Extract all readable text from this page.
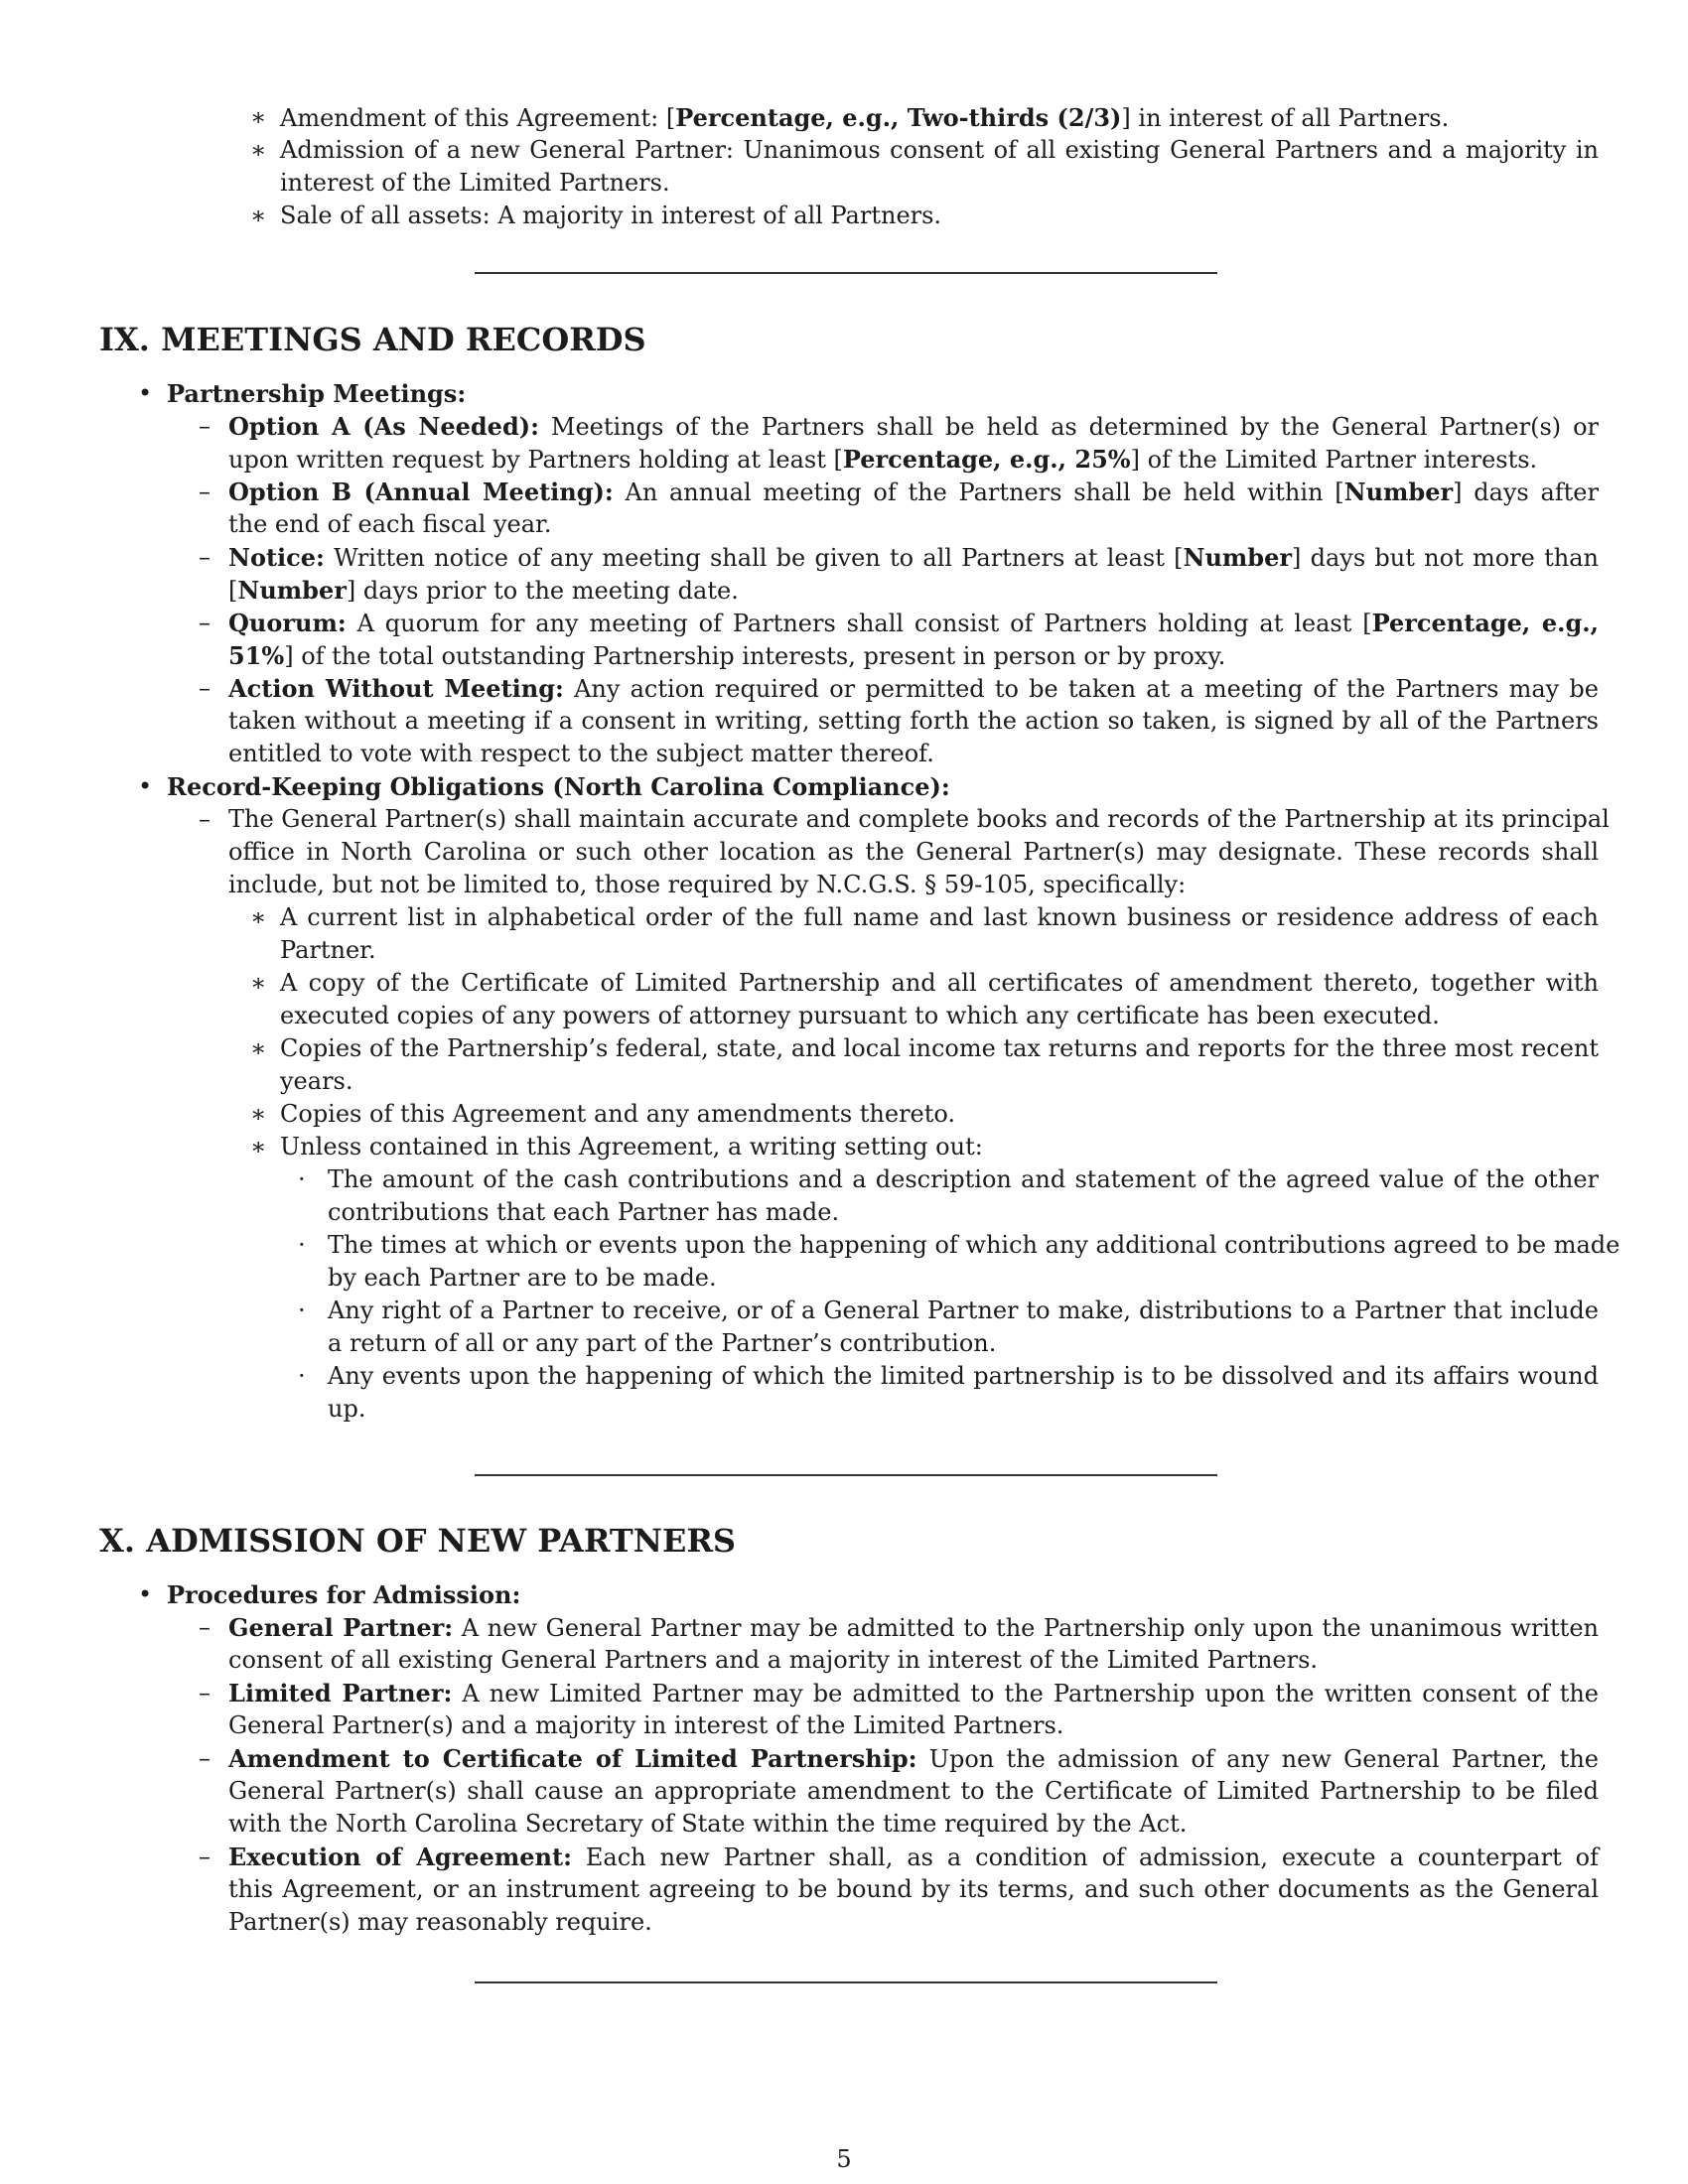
∗ Amendment of this Agreement: [Percentage, e.g., Two-thirds (2/3)] in interest of all Partners.
∗ Admission of a new General Partner: Unanimous consent of all existing General Partners and a majority in
interest of the Limited Partners.
∗ Sale of all assets: A majority in interest of all Partners.
IX. MEETINGS AND RECORDS
• Partnership Meetings:
– Option A (As Needed): Meetings of the Partners shall be held as determined by the General Partner(s) or
upon written request by Partners holding at least [Percentage, e.g., 25%] of the Limited Partner interests.
– Option B (Annual Meeting): An annual meeting of the Partners shall be held within [Number] days after
the end of each fiscal year.
– Notice: Written notice of any meeting shall be given to all Partners at least [Number] days but not more than
[Number] days prior to the meeting date.
– Quorum: A quorum for any meeting of Partners shall consist of Partners holding at least [Percentage, e.g.,
51%] of the total outstanding Partnership interests, present in person or by proxy.
– Action Without Meeting: Any action required or permitted to be taken at a meeting of the Partners may be
taken without a meeting if a consent in writing, setting forth the action so taken, is signed by all of the Partners
entitled to vote with respect to the subject matter thereof.
• Record-Keeping Obligations (North Carolina Compliance):
– The General Partner(s) shall maintain accurate and complete books and records of the Partnership at its principal
office in North Carolina or such other location as the General Partner(s) may designate. These records shall
include, but not be limited to, those required by N.C.G.S. § 59-105, specifically:
∗ A current list in alphabetical order of the full name and last known business or residence address of each
Partner.
∗ A copy of the Certificate of Limited Partnership and all certificates of amendment thereto, together with
executed copies of any powers of attorney pursuant to which any certificate has been executed.
∗ Copies of the Partnership’s federal, state, and local income tax returns and reports for the three most recent
years.
∗ Copies of this Agreement and any amendments thereto.
∗ Unless contained in this Agreement, a writing setting out:
· The amount of the cash contributions and a description and statement of the agreed value of the other
contributions that each Partner has made.
· The times at which or events upon the happening of which any additional contributions agreed to be made
by each Partner are to be made.
· Any right of a Partner to receive, or of a General Partner to make, distributions to a Partner that include
a return of all or any part of the Partner’s contribution.
· Any events upon the happening of which the limited partnership is to be dissolved and its affairs wound
up.
X. ADMISSION OF NEW PARTNERS
• Procedures for Admission:
– General Partner: A new General Partner may be admitted to the Partnership only upon the unanimous written
consent of all existing General Partners and a majority in interest of the Limited Partners.
– Limited Partner: A new Limited Partner may be admitted to the Partnership upon the written consent of the
General Partner(s) and a majority in interest of the Limited Partners.
– Amendment to Certificate of Limited Partnership: Upon the admission of any new General Partner, the
General Partner(s) shall cause an appropriate amendment to the Certificate of Limited Partnership to be filed
with the North Carolina Secretary of State within the time required by the Act.
– Execution of Agreement: Each new Partner shall, as a condition of admission, execute a counterpart of
this Agreement, or an instrument agreeing to be bound by its terms, and such other documents as the General
Partner(s) may reasonably require.
5
